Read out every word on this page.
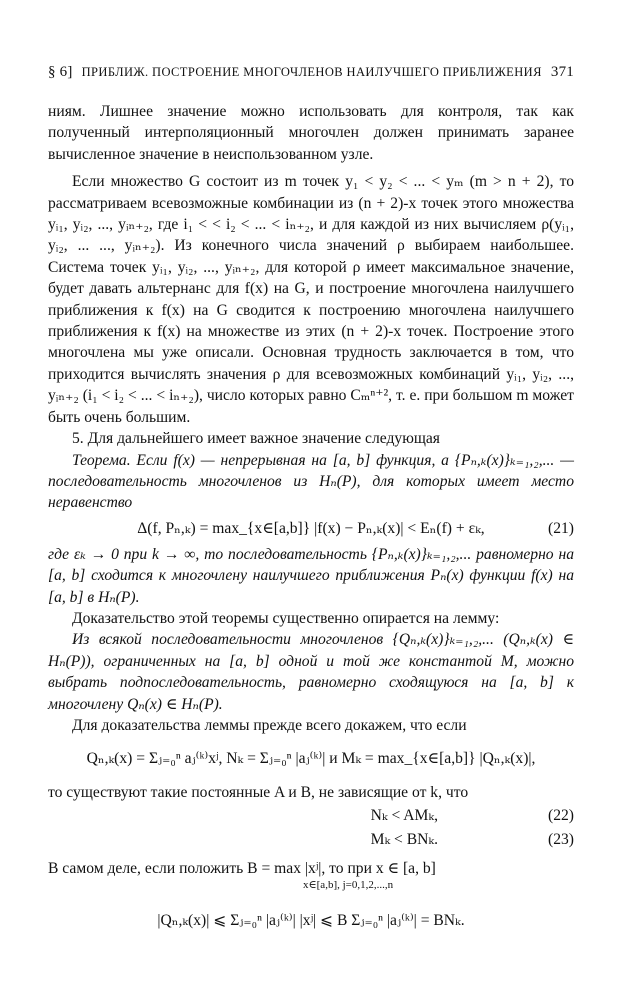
§ 6] ПРИБЛИЖ. ПОСТРОЕНИЕ МНОГОЧЛЕНОВ НАИЛУЧШЕГО ПРИБЛИЖЕНИЯ 371

ниям. Лишнее значение можно использовать для контроля, так как полученный интерполяционный многочлен должен принимать заранее вычисленное значение в неиспользованном узле.

Если множество G состоит из m точек y₁ < y₂ < ... < yₘ (m > n + 2), то рассматриваем всевозможные комбинации из (n + 2)-х точек этого множества yᵢ₁, yᵢ₂, ..., yᵢₙ₊₂, где i₁ < < i₂ < ... < iₙ₊₂, и для каждой из них вычисляем ρ(yᵢ₁, yᵢ₂, ... ..., yᵢₙ₊₂). Из конечного числа значений ρ выбираем наибольшее. Система точек yᵢ₁, yᵢ₂, ..., yᵢₙ₊₂, для которой ρ имеет максимальное значение, будет давать альтернанс для f(x) на G, и построение многочлена наилучшего приближения к f(x) на G сводится к построению многочлена наилучшего приближения к f(x) на множестве из этих (n + 2)-х точек. Построение этого многочлена мы уже описали. Основная трудность заключается в том, что приходится вычислять значения ρ для всевозможных комбинаций yᵢ₁, yᵢ₂, ..., yᵢₙ₊₂ (i₁ < i₂ < ... < iₙ₊₂), число которых равно Cₘⁿ⁺², т. е. при большом m может быть очень большим.

5. Для дальнейшего имеет важное значение следующая

Теорема. Если f(x) — непрерывная на [a, b] функция, а {Pₙ,ₖ(x)}ₖ₌₁,₂,... — последовательность многочленов из Hₙ(P), для которых имеет место неравенство

Δ(f, Pₙ,ₖ) = max_{x∈[a,b]} |f(x) − Pₙ,ₖ(x)| < Eₙ(f) + εₖ,	(21)

где εₖ → 0 при k → ∞, то последовательность {Pₙ,ₖ(x)}ₖ₌₁,₂,... равномерно на [a, b] сходится к многочлену наилучшего приближения Pₙ(x) функции f(x) на [a, b] в Hₙ(P).

Доказательство этой теоремы существенно опирается на лемму:

Из всякой последовательности многочленов {Qₙ,ₖ(x)}ₖ₌₁,₂,... (Qₙ,ₖ(x) ∈ Hₙ(P)), ограниченных на [a, b] одной и той же константой M, можно выбрать подпоследовательность, равномерно сходящуюся на [a, b] к многочлену Qₙ(x) ∈ Hₙ(P).

Для доказательства леммы прежде всего докажем, что если

Qₙ,ₖ(x) = Σⱼ₌₀ⁿ aⱼ⁽ᵏ⁾xʲ, Nₖ = Σⱼ₌₀ⁿ |aⱼ⁽ᵏ⁾| и Mₖ = max_{x∈[a,b]} |Qₙ,ₖ(x)|,

то существуют такие постоянные A и B, не зависящие от k, что

Nₖ < AMₖ,	(22)
Mₖ < BNₖ.	(23)

В самом деле, если положить B = max |xʲ|, то при x ∈ [a, b]

x∈[a,b], j=0,1,2,...,n
|Qₙ,ₖ(x)| ⩽ Σⱼ₌₀ⁿ |aⱼ⁽ᵏ⁾| |xʲ| ⩽ B Σⱼ₌₀ⁿ |aⱼ⁽ᵏ⁾| = BNₖ.
